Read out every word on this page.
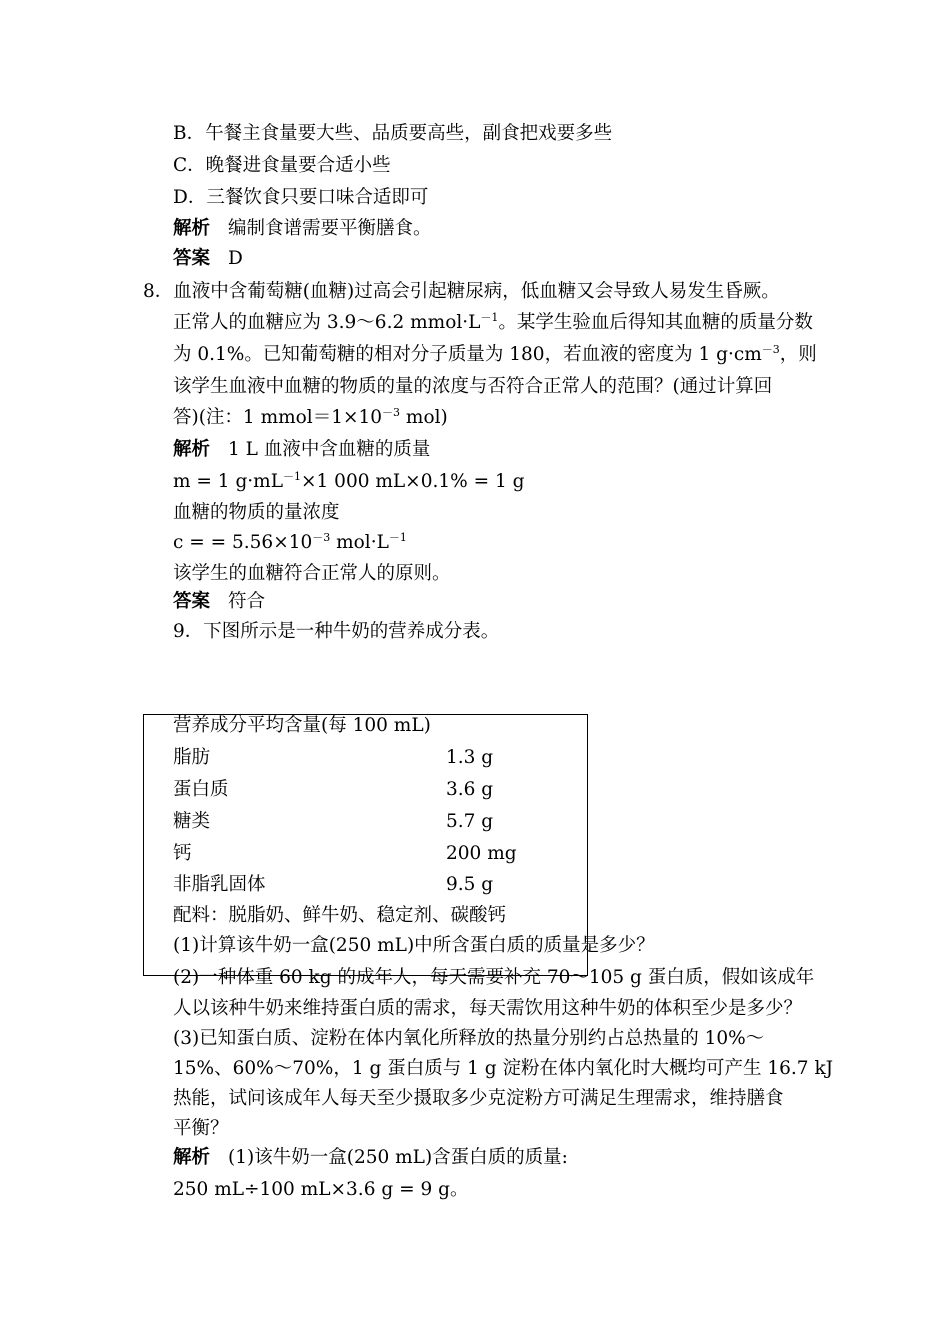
B．午餐主食量要大些、品质要高些，副食把戏要多些
C．晚餐进食量要合适小些
D．三餐饮食只要口味合适即可
解析 编制食谱需要平衡膳食。
答案 D
8．血液中含葡萄糖(血糖)过高会引起糖尿病，低血糖又会导致人易发生昏厥。
正常人的血糖应为 3.9～6.2 $mmol\cdot L^{-1}$。某学生验血后得知其血糖的质量分数
为 0.1%。已知葡萄糖的相对分子质量为 180，若血液的密度为 1 $g\cdot cm^{-3}$，则
该学生血液中血糖的物质的量的浓度与否符合正常人的范围？(通过计算回
答)(注：1 $mmol=1\times 10^{-3}$ mol)
解析 1 L 血液中含血糖的质量
m = 1 $g\cdot mL^{-1}\times 1$ 000 mL×0.1% = 1 g
血糖的物质的量浓度
c = = $5.56\times 10^{-3}$ $mol\cdot L^{-1}$
该学生的血糖符合正常人的原则。
答案 符合
9．下图所示是一种牛奶的营养成分表。
营养成分平均含量(每 100 mL)
脂肪	1.3 g
蛋白质	3.6 g
糖类	5.7 g
钙	200 mg
非脂乳固体	9.5 g
配料：脱脂奶、鲜牛奶、稳定剂、碳酸钙
(1)计算该牛奶一盒(250 mL)中所含蛋白质的质量是多少？
(2)一种体重 60 kg 的成年人，每天需要补充 70～105 g 蛋白质，假如该成年
人以该种牛奶来维持蛋白质的需求，每天需饮用这种牛奶的体积至少是多少？
(3)已知蛋白质、淀粉在体内氧化所释放的热量分别约占总热量的 10%～
15%、60%～70%，1 g 蛋白质与 1 g 淀粉在体内氧化时大概均可产生 16.7 kJ
热能，试问该成年人每天至少摄取多少克淀粉方可满足生理需求，维持膳食
平衡？
解析 (1)该牛奶一盒(250 mL)含蛋白质的质量:
250 mL÷100 mL×3.6 g = 9 g。
